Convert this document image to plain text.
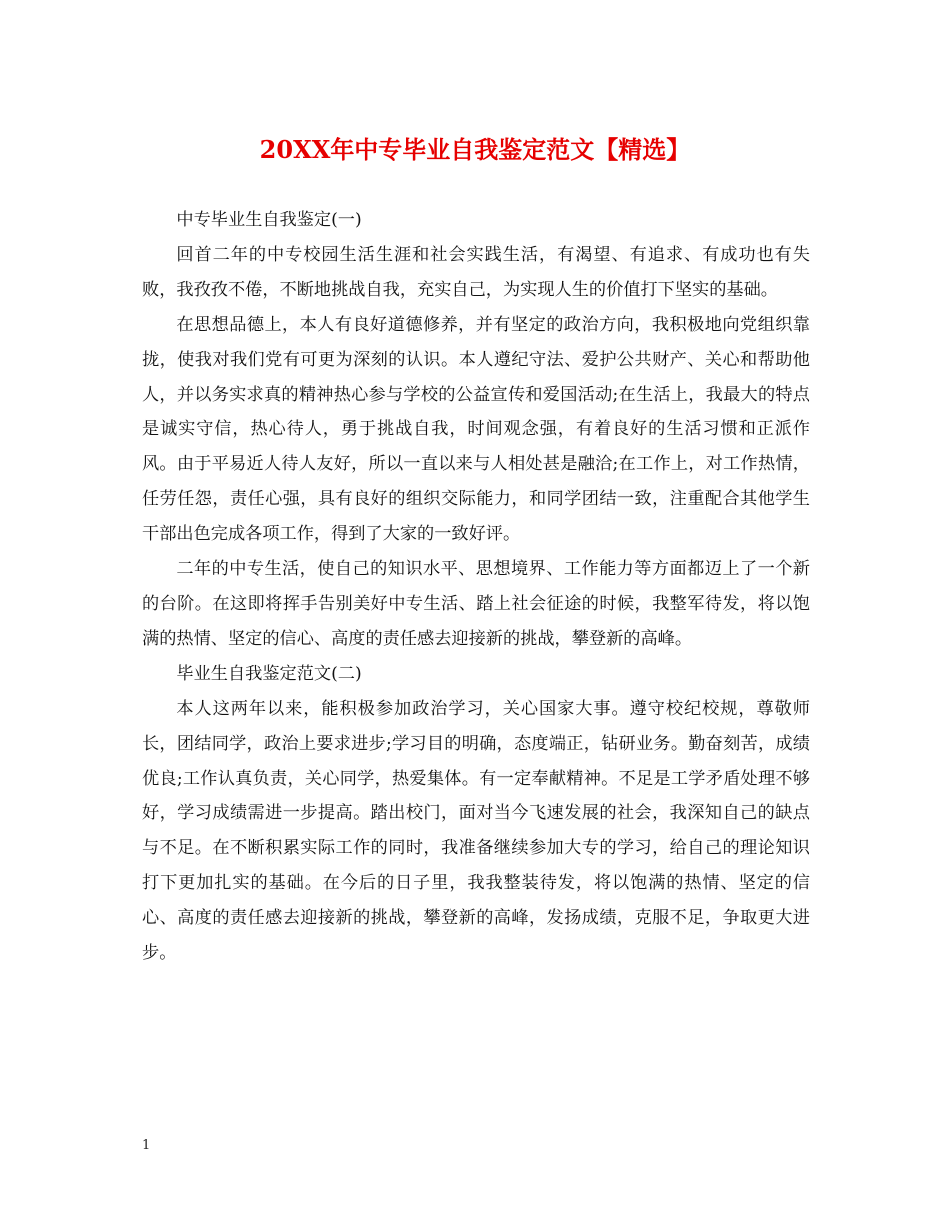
20XX年中专毕业自我鉴定范文【精选】

中专毕业生自我鉴定(一)

回首二年的中专校园生活生涯和社会实践生活，有渴望、有追求、有成功也有失败，我孜孜不倦，不断地挑战自我，充实自己，为实现人生的价值打下坚实的基础。

在思想品德上，本人有良好道德修养，并有坚定的政治方向，我积极地向党组织靠拢，使我对我们党有可更为深刻的认识。本人遵纪守法、爱护公共财产、关心和帮助他人，并以务实求真的精神热心参与学校的公益宣传和爱国活动;在生活上，我最大的特点是诚实守信，热心待人，勇于挑战自我，时间观念强，有着良好的生活习惯和正派作风。由于平易近人待人友好，所以一直以来与人相处甚是融洽;在工作上，对工作热情，任劳任怨，责任心强，具有良好的组织交际能力，和同学团结一致，注重配合其他学生干部出色完成各项工作，得到了大家的一致好评。

二年的中专生活，使自己的知识水平、思想境界、工作能力等方面都迈上了一个新的台阶。在这即将挥手告别美好中专生活、踏上社会征途的时候，我整军待发，将以饱满的热情、坚定的信心、高度的责任感去迎接新的挑战，攀登新的高峰。

毕业生自我鉴定范文(二)

本人这两年以来，能积极参加政治学习，关心国家大事。遵守校纪校规，尊敬师长，团结同学，政治上要求进步;学习目的明确，态度端正，钻研业务。勤奋刻苦，成绩优良;工作认真负责，关心同学，热爱集体。有一定奉献精神。不足是工学矛盾处理不够好，学习成绩需进一步提高。踏出校门，面对当今飞速发展的社会，我深知自己的缺点与不足。在不断积累实际工作的同时，我准备继续参加大专的学习，给自己的理论知识打下更加扎实的基础。在今后的日子里，我我整装待发，将以饱满的热情、坚定的信心、高度的责任感去迎接新的挑战，攀登新的高峰，发扬成绩，克服不足，争取更大进步。

1
